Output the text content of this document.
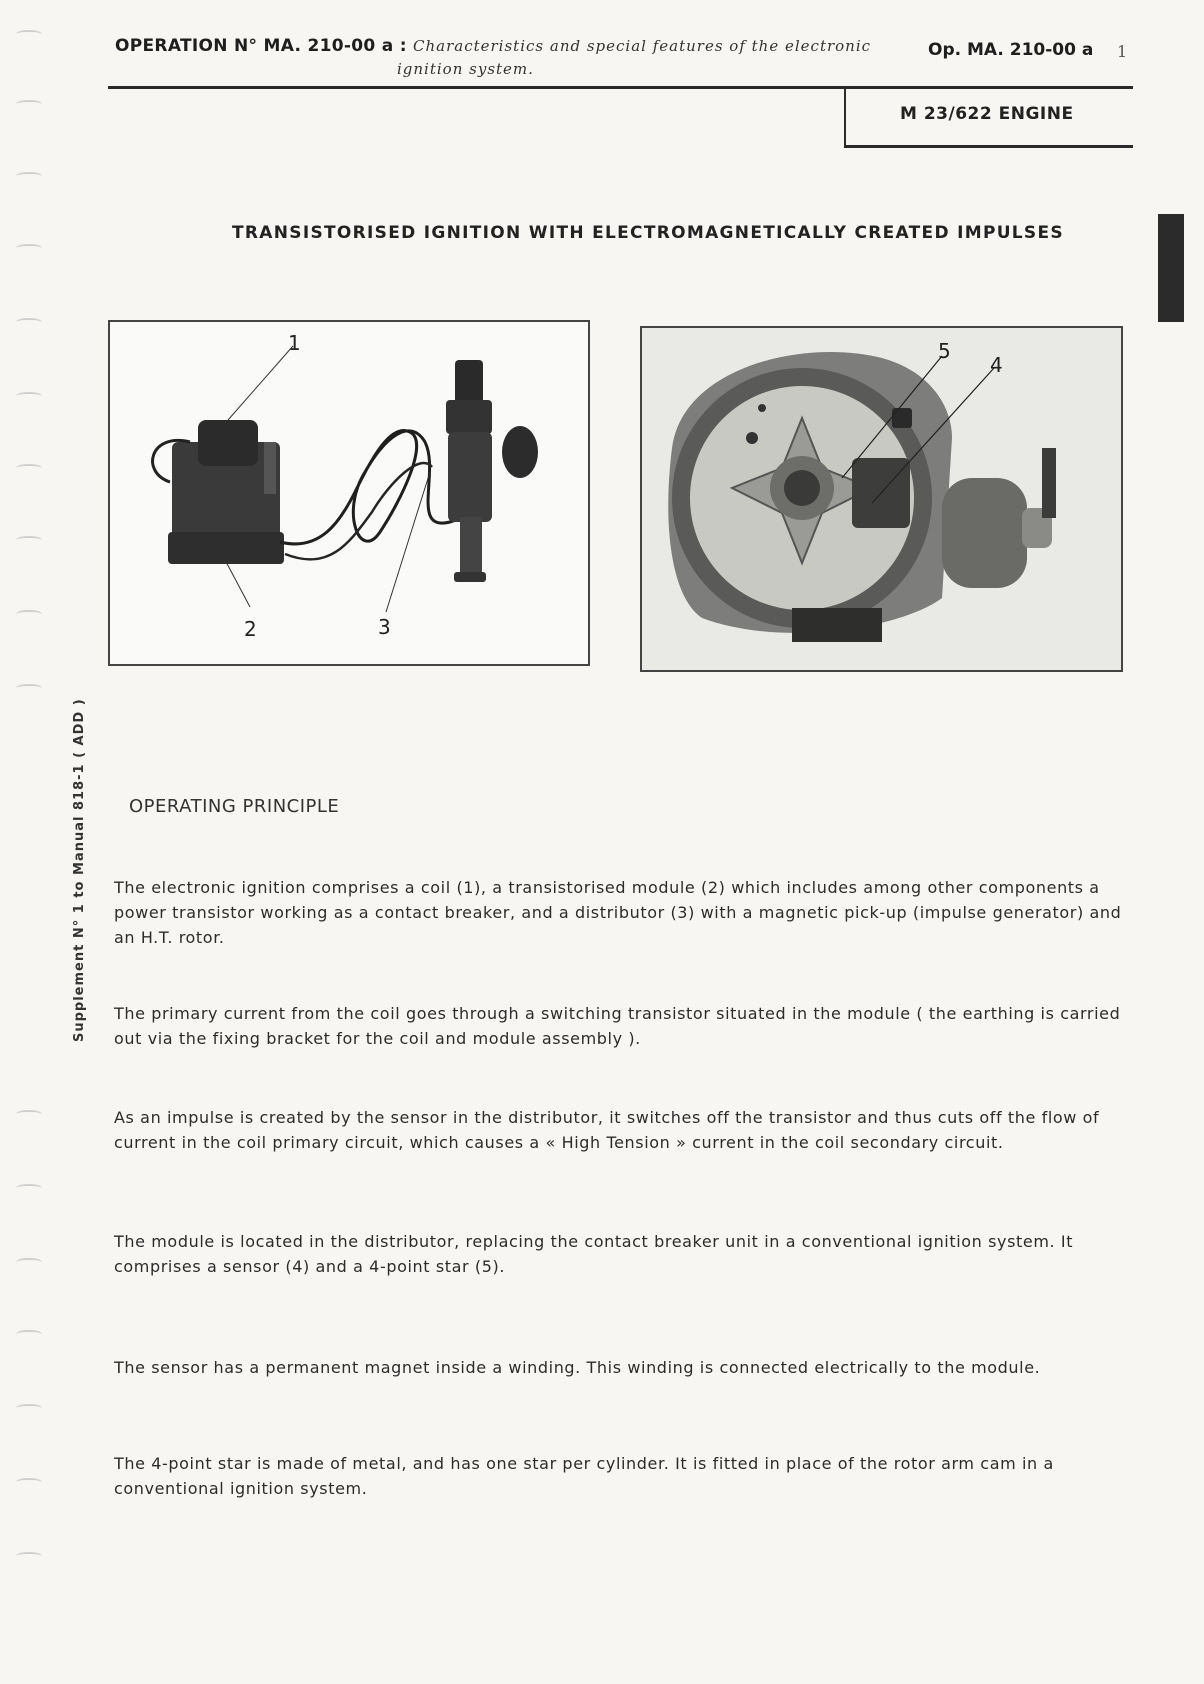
OPERATION N° MA. 210-00 a : Characteristics and special features of the electronic
ignition system.
Op. MA. 210-00 a 1
M 23/622 ENGINE
TRANSISTORISED IGNITION WITH ELECTROMAGNETICALLY CREATED IMPULSES
1
2	3
5
4
Supplement N° 1 to Manual 818-1 ( ADD ) OPERATING PRINCIPLE
The electronic ignition comprises a coil (1), a transistorised module (2) which includes among other components a power transistor working as a contact breaker, and a distributor (3) with a magnetic pick-up (impulse generator) and an H.T. rotor.
The primary current from the coil goes through a switching transistor situated in the module ( the earthing is carried out via the fixing bracket for the coil and module assembly ).
As an impulse is created by the sensor in the distributor, it switches off the transistor and thus cuts off the flow of current in the coil primary circuit, which causes a « High Tension » current in the coil secondary circuit.
The module is located in the distributor, replacing the contact breaker unit in a conventional ignition system. It comprises a sensor (4) and a 4-point star (5).
The sensor has a permanent magnet inside a winding. This winding is connected electrically to the module.
The 4-point star is made of metal, and has one star per cylinder. It is fitted in place of the rotor arm cam in a conventional ignition system.
